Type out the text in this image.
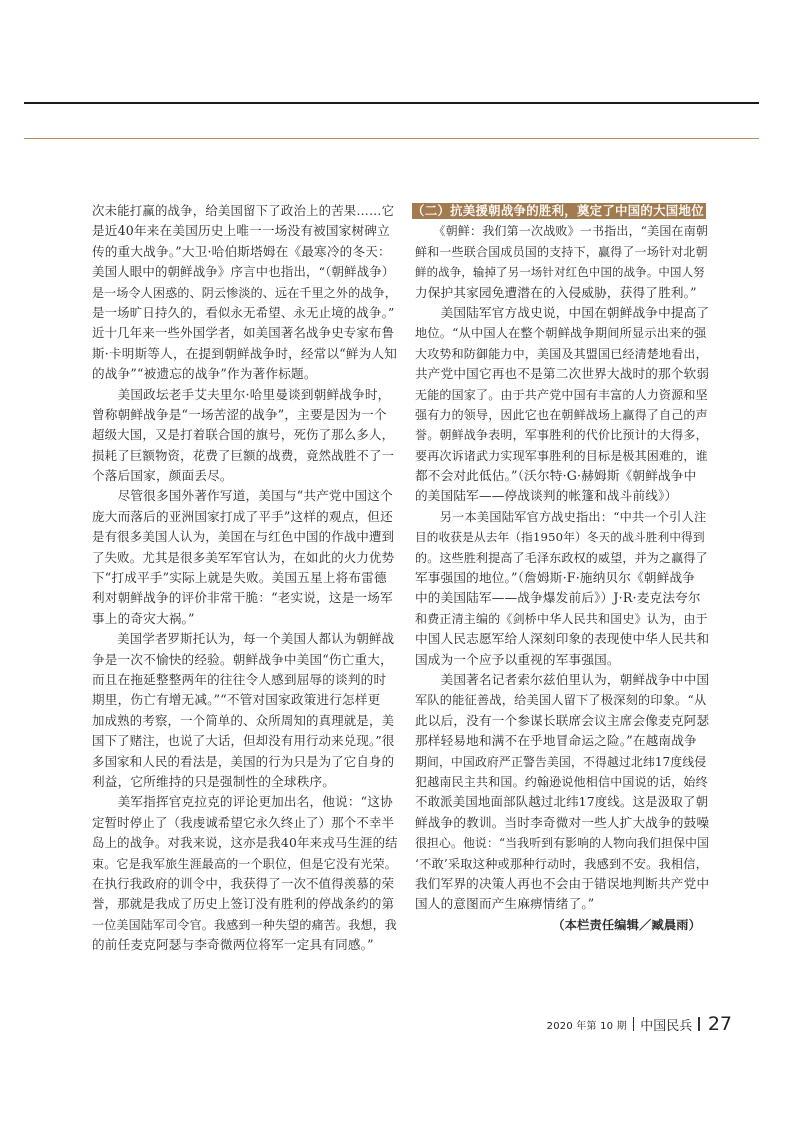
次未能打赢的战争，给美国留下了政治上的苦果……它
是近40年来在美国历史上唯一一场没有被国家树碑立
传的重大战争。”大卫·哈伯斯塔姆在《最寒冷的冬天：
美国人眼中的朝鲜战争》序言中也指出，“（朝鲜战争）
是一场令人困惑的、阴云惨淡的、远在千里之外的战争，
是一场旷日持久的，看似永无希望、永无止境的战争。”
近十几年来一些外国学者，如美国著名战争史专家布鲁
斯·卡明斯等人，在提到朝鲜战争时，经常以“鲜为人知
的战争”“被遗忘的战争”作为著作标题。
　　美国政坛老手艾夫里尔·哈里曼谈到朝鲜战争时，
曾称朝鲜战争是“一场苦涩的战争”，主要是因为一个
超级大国，又是打着联合国的旗号，死伤了那么多人，
损耗了巨额物资，花费了巨额的战费，竟然战胜不了一
个落后国家，颜面丢尽。
　　尽管很多国外著作写道，美国与“共产党中国这个
庞大而落后的亚洲国家打成了平手”这样的观点，但还
是有很多美国人认为，美国在与红色中国的作战中遭到
了失败。尤其是很多美军军官认为，在如此的火力优势
下“打成平手”实际上就是失败。美国五星上将布雷德
利对朝鲜战争的评价非常干脆：“老实说，这是一场军
事上的奇灾大祸。”
　　美国学者罗斯托认为，每一个美国人都认为朝鲜战
争是一次不愉快的经验。朝鲜战争中美国“伤亡重大，
而且在拖延整整两年的往往令人感到屈辱的谈判的时
期里，伤亡有增无减。”“不管对国家政策进行怎样更
加成熟的考察，一个简单的、众所周知的真理就是，美
国下了赌注，也说了大话，但却没有用行动来兑现。”很
多国家和人民的看法是，美国的行为只是为了它自身的
利益，它所维持的只是强制性的全球秩序。
　　美军指挥官克拉克的评论更加出名，他说：“这协
定暂时停止了（我虔诚希望它永久终止了）那个不幸半
岛上的战争。对我来说，这亦是我40年来戎马生涯的结
束。它是我军旅生涯最高的一个职位，但是它没有光荣。
在执行我政府的训令中，我获得了一次不值得羡慕的荣
誉，那就是我成了历史上签订没有胜利的停战条约的第
一位美国陆军司令官。我感到一种失望的痛苦。我想，我
的前任麦克阿瑟与李奇微两位将军一定具有同感。”
（二）抗美援朝战争的胜利，奠定了中国的大国地位
　　《朝鲜：我们第一次战败》一书指出，“美国在南朝
鲜和一些联合国成员国的支持下，赢得了一场针对北朝
鲜的战争，输掉了另一场针对红色中国的战争。中国人努
力保护其家园免遭潜在的入侵威胁，获得了胜利。”
　　美国陆军官方战史说，中国在朝鲜战争中提高了
地位。“从中国人在整个朝鲜战争期间所显示出来的强
大攻势和防御能力中，美国及其盟国已经清楚地看出，
共产党中国它再也不是第二次世界大战时的那个软弱
无能的国家了。由于共产党中国有丰富的人力资源和坚
强有力的领导，因此它也在朝鲜战场上赢得了自己的声
誉。朝鲜战争表明，军事胜利的代价比预计的大得多，
要再次诉诸武力实现军事胜利的目标是极其困难的，谁
都不会对此低估。”（沃尔特·G·赫姆斯《朝鲜战争中
的美国陆军——停战谈判的帐篷和战斗前线》）
　　另一本美国陆军官方战史指出：“中共一个引人注
目的收获是从去年（指1950年）冬天的战斗胜利中得到
的。这些胜利提高了毛泽东政权的威望，并为之赢得了
军事强国的地位。”（詹姆斯·F·施纳贝尔《朝鲜战争
中的美国陆军——战争爆发前后》）J·R·麦克法夸尔
和费正清主编的《剑桥中华人民共和国史》认为，由于
中国人民志愿军给人深刻印象的表现使中华人民共和
国成为一个应予以重视的军事强国。
　　美国著名记者索尔兹伯里认为，朝鲜战争中中国
军队的能征善战，给美国人留下了极深刻的印象。“从
此以后，没有一个参谋长联席会议主席会像麦克阿瑟
那样轻易地和满不在乎地冒命运之险。”在越南战争
期间，中国政府严正警告美国，不得越过北纬17度线侵
犯越南民主共和国。约翰逊说他相信中国说的话，始终
不敢派美国地面部队越过北纬17度线。这是汲取了朝
鲜战争的教训。当时李奇微对一些人扩大战争的鼓噪
很担心。他说：“当我听到有影响的人物向我们担保中国
‘不敢’采取这种或那种行动时，我感到不安。我相信，
我们军界的决策人再也不会由于错误地判断共产党中
国人的意图而产生麻痹情绪了。”
（本栏责任编辑／臧晨雨）
2020 年第 10 期 中国民兵 27
